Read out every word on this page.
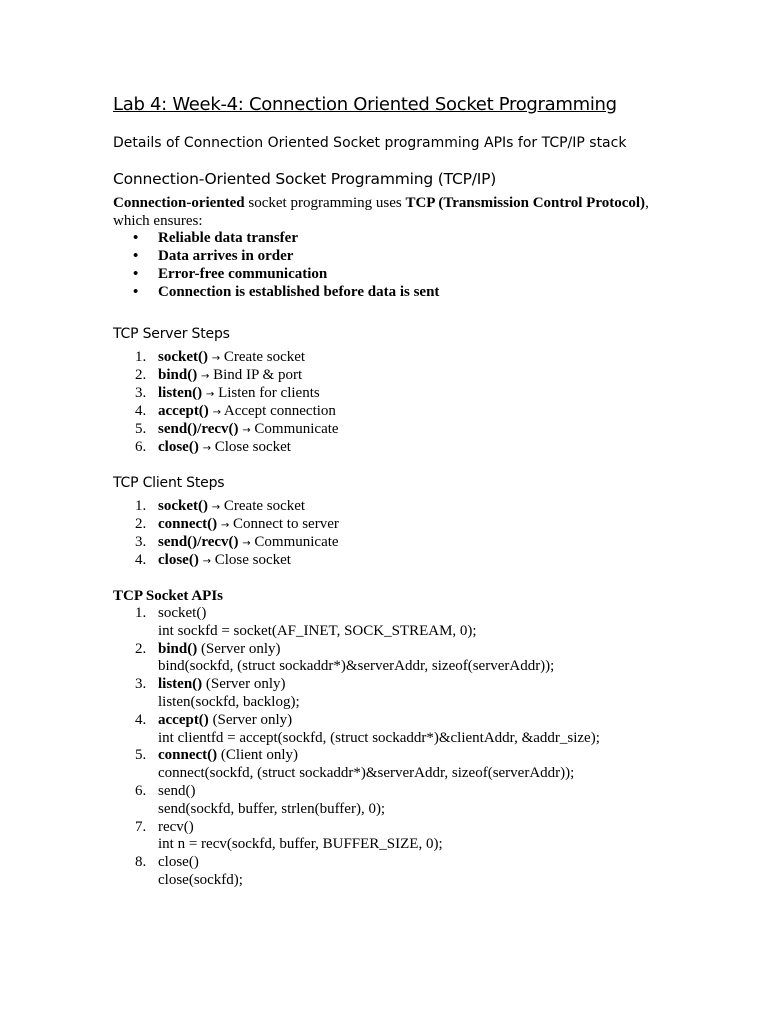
Lab 4: Week-4: Connection Oriented Socket Programming
Details of Connection Oriented Socket programming APIs for TCP/IP stack
Connection-Oriented Socket Programming (TCP/IP)
Connection-oriented socket programming uses TCP (Transmission Control Protocol), which ensures:
• Reliable data transfer
• Data arrives in order
• Error-free communication
• Connection is established before data is sent
TCP Server Steps
1. socket() → Create socket
2. bind() → Bind IP & port
3. listen() → Listen for clients
4. accept() → Accept connection
5. send()/recv() → Communicate
6. close() → Close socket
TCP Client Steps
1. socket() → Create socket
2. connect() → Connect to server
3. send()/recv() → Communicate
4. close() → Close socket
TCP Socket APIs
1. socket()
int sockfd = socket(AF_INET, SOCK_STREAM, 0);
2. bind() (Server only)
bind(sockfd, (struct sockaddr*)&serverAddr, sizeof(serverAddr));
3. listen() (Server only)
listen(sockfd, backlog);
4. accept() (Server only)
int clientfd = accept(sockfd, (struct sockaddr*)&clientAddr, &addr_size);
5. connect() (Client only)
connect(sockfd, (struct sockaddr*)&serverAddr, sizeof(serverAddr));
6. send()
send(sockfd, buffer, strlen(buffer), 0);
7. recv()
int n = recv(sockfd, buffer, BUFFER_SIZE, 0);
8. close()
close(sockfd);
